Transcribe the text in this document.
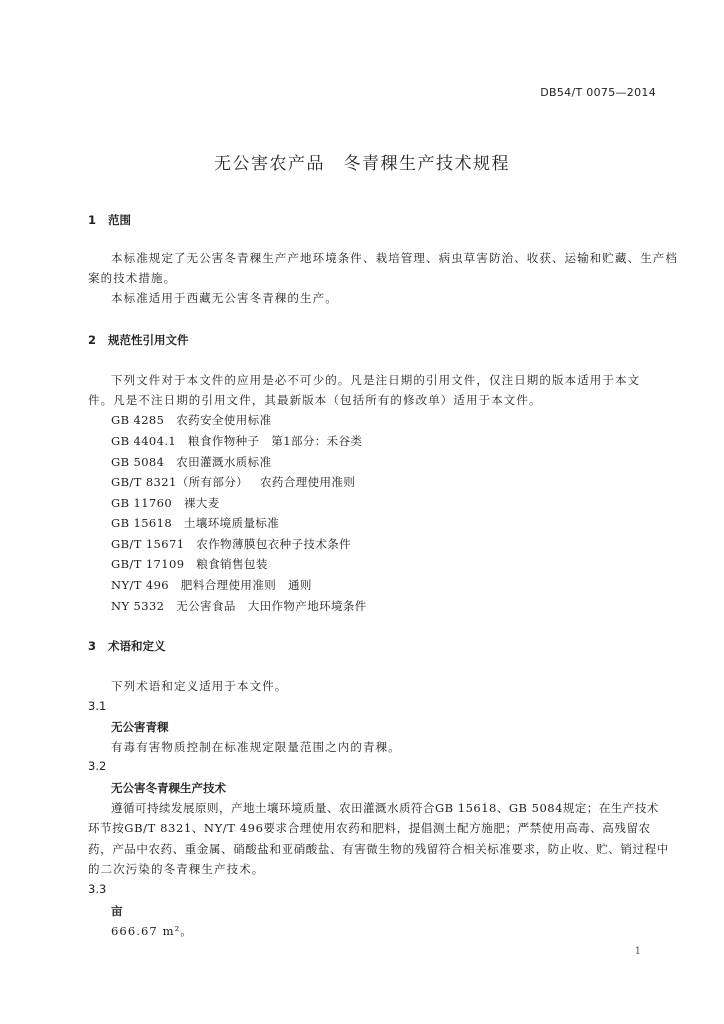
DB54/T 0075—2014
无公害农产品　冬青稞生产技术规程
1 范围
本标准规定了无公害冬青稞生产产地环境条件、栽培管理、病虫草害防治、收获、运输和贮藏、生产档
案的技术措施。
本标准适用于西藏无公害冬青稞的生产。
2 规范性引用文件
下列文件对于本文件的应用是必不可少的。凡是注日期的引用文件，仅注日期的版本适用于本文
件。凡是不注日期的引用文件，其最新版本（包括所有的修改单）适用于本文件。
GB 4285　 农药安全使用标准
GB 4404.1　 粮食作物种子　第1部分：禾谷类
GB 5084　 农田灌溉水质标准
GB/T 8321（所有部分）　 农药合理使用准则
GB 11760　 裸大麦
GB 15618　 土壤环境质量标准
GB/T 15671　 农作物薄膜包衣种子技术条件
GB/T 17109　 粮食销售包装
NY/T 496　 肥料合理使用准则　通则
NY 5332　 无公害食品　大田作物产地环境条件
3 术语和定义
下列术语和定义适用于本文件。
3.1
无公害青稞
有毒有害物质控制在标准规定限量范围之内的青稞。
3.2
无公害冬青稞生产技术
遵循可持续发展原则，产地土壤环境质量、农田灌溉水质符合GB 15618、GB 5084规定；在生产技术
环节按GB/T 8321、NY/T 496要求合理使用农药和肥料，提倡测土配方施肥；严禁使用高毒、高残留农
药，产品中农药、重金属、硝酸盐和亚硝酸盐、有害微生物的残留符合相关标准要求，防止收、贮、销过程中
的二次污染的冬青稞生产技术。
3.3
亩
666.67 m²。
1
